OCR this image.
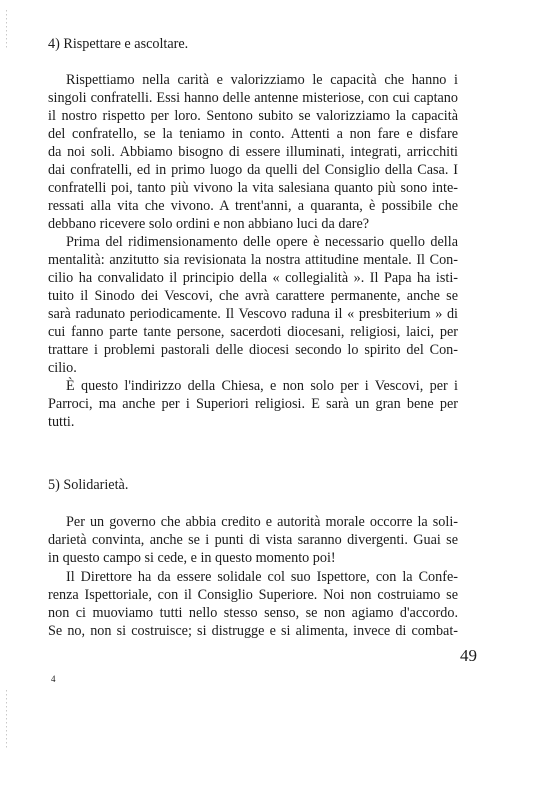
4) Rispettare e ascoltare.
Rispettiamo nella carità e valorizziamo le capacità che hanno i
singoli confratelli. Essi hanno delle antenne misteriose, con cui captano
il nostro rispetto per loro. Sentono subito se valorizziamo la capacità
del confratello, se la teniamo in conto. Attenti a non fare e disfare
da noi soli. Abbiamo bisogno di essere illuminati, integrati, arricchiti
dai confratelli, ed in primo luogo da quelli del Consiglio della Casa. I
confratelli poi, tanto più vivono la vita salesiana quanto più sono inte-
ressati alla vita che vivono. A trent'anni, a quaranta, è possibile che
debbano ricevere solo ordini e non abbiano luci da dare?
Prima del ridimensionamento delle opere è necessario quello della
mentalità: anzitutto sia revisionata la nostra attitudine mentale. Il Con-
cilio ha convalidato il principio della « collegialità ». Il Papa ha isti-
tuito il Sinodo dei Vescovi, che avrà carattere permanente, anche se
sarà radunato periodicamente. Il Vescovo raduna il « presbiterium » di
cui fanno parte tante persone, sacerdoti diocesani, religiosi, laici, per
trattare i problemi pastorali delle diocesi secondo lo spirito del Con-
cilio.
È questo l'indirizzo della Chiesa, e non solo per i Vescovi, per i
Parroci, ma anche per i Superiori religiosi. E sarà un gran bene per
tutti.
5) Solidarietà.
Per un governo che abbia credito e autorità morale occorre la soli-
darietà convinta, anche se i punti di vista saranno divergenti. Guai se
in questo campo si cede, e in questo momento poi!
Il Direttore ha da essere solidale col suo Ispettore, con la Confe-
renza Ispettoriale, con il Consiglio Superiore. Noi non costruiamo se
non ci muoviamo tutti nello stesso senso, se non agiamo d'accordo.
Se no, non si costruisce; si distrugge e si alimenta, invece di combat-
49
4
